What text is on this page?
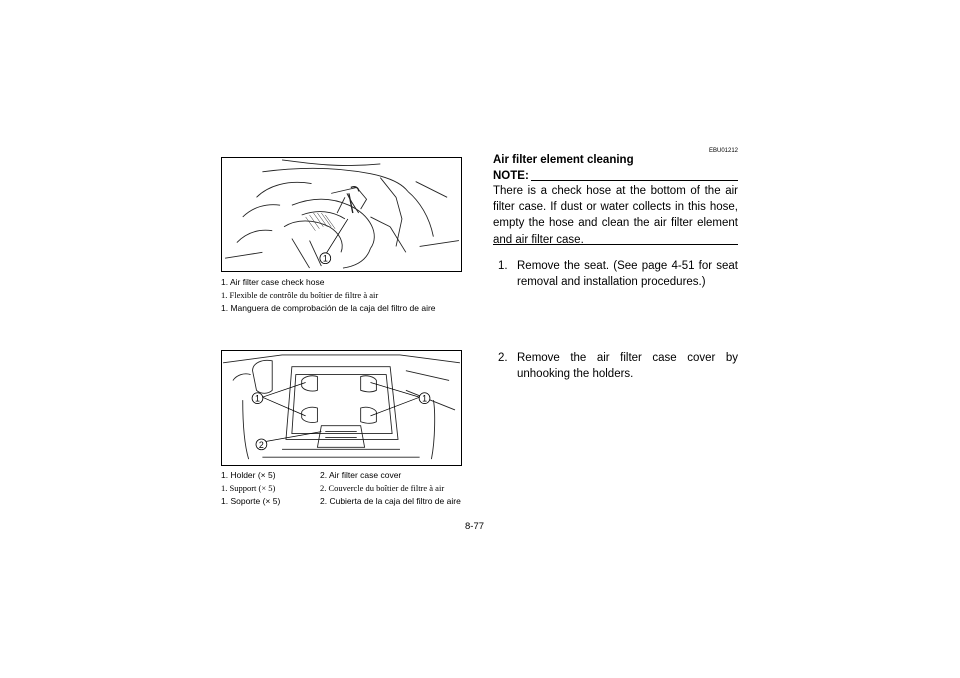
1
1. Air filter case check hose
1. Flexible de contrôle du boîtier de filtre à air
1. Manguera de comprobación de la caja del filtro de aire
1	1
2
1. Holder (× 5)
1. Support (× 5)
1. Soporte (× 5)
2. Air filter case cover
2. Couvercle du boîtier de filtre à air
2. Cubierta de la caja del filtro de aire
EBU01212
Air filter element cleaning
NOTE:
There is a check hose at the bottom of the air filter case. If dust or water collects in this hose, empty the hose and clean the air filter element and air filter case.
1. Remove the seat. (See page 4-51 for seat removal and installation procedures.)
2. Remove the air filter case cover by unhooking the holders.
8-77
